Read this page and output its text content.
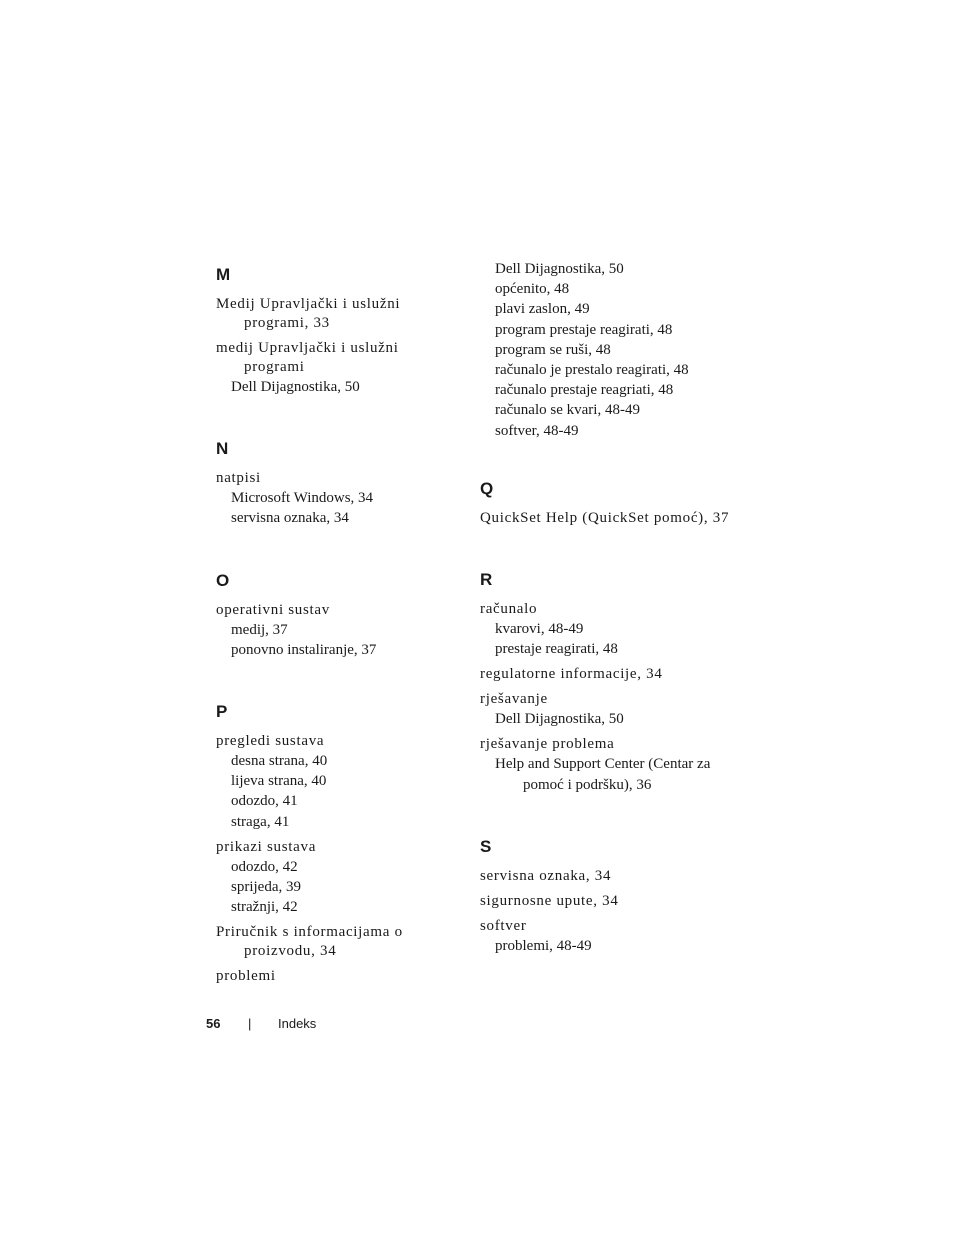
M
Medij Upravljački i uslužni programi, 33
medij Upravljački i uslužni programi
Dell Dijagnostika, 50
N
natpisi
Microsoft Windows, 34
servisna oznaka, 34
O
operativni sustav
medij, 37
ponovno instaliranje, 37
P
pregledi sustava
desna strana, 40
lijeva strana, 40
odozdo, 41
straga, 41
prikazi sustava
odozdo, 42
sprijeda, 39
stražnji, 42
Priručnik s informacijama o proizvodu, 34
problemi
Dell Dijagnostika, 50
općenito, 48
plavi zaslon, 49
program prestaje reagirati, 48
program se ruši, 48
računalo je prestalo reagirati, 48
računalo prestaje reagriati, 48
računalo se kvari, 48-49
softver, 48-49
Q
QuickSet Help (QuickSet pomoć), 37
R
računalo
kvarovi, 48-49
prestaje reagirati, 48
regulatorne informacije, 34
rješavanje
Dell Dijagnostika, 50
rješavanje problema
Help and Support Center (Centar za pomoć i podršku), 36
S
servisna oznaka, 34
sigurnosne upute, 34
softver
problemi, 48-49
56 | Indeks
